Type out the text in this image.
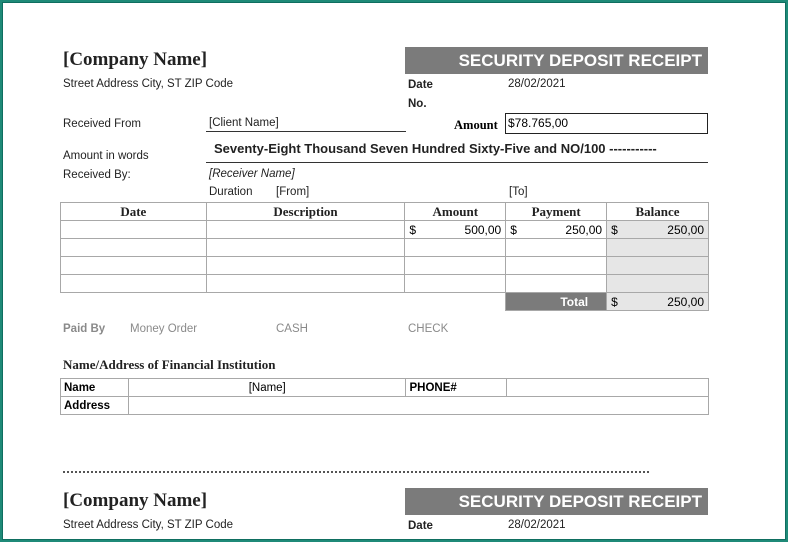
[Company Name]
Street Address City, ST ZIP Code
SECURITY DEPOSIT RECEIPT
Date	28/02/2021
No.
Received From	[Client Name]	Amount $78.765,00
Amount in words	Seventy-Eight Thousand Seven Hundred Sixty-Five and NO/100 -----------
Received By:	[Receiver Name]
Duration [From]	[To]
Date	Description	Amount	Payment	Balance

		$ 500,00	$ 250,00	$ 250,00

			Total	$ 250,00
Paid By Money Order	CASH	CHECK
Name/Address of Financial Institution
Name	[Name]	PHONE#	
Address			
[Company Name]
Street Address City, ST ZIP Code
SECURITY DEPOSIT RECEIPT
Date	28/02/2021
